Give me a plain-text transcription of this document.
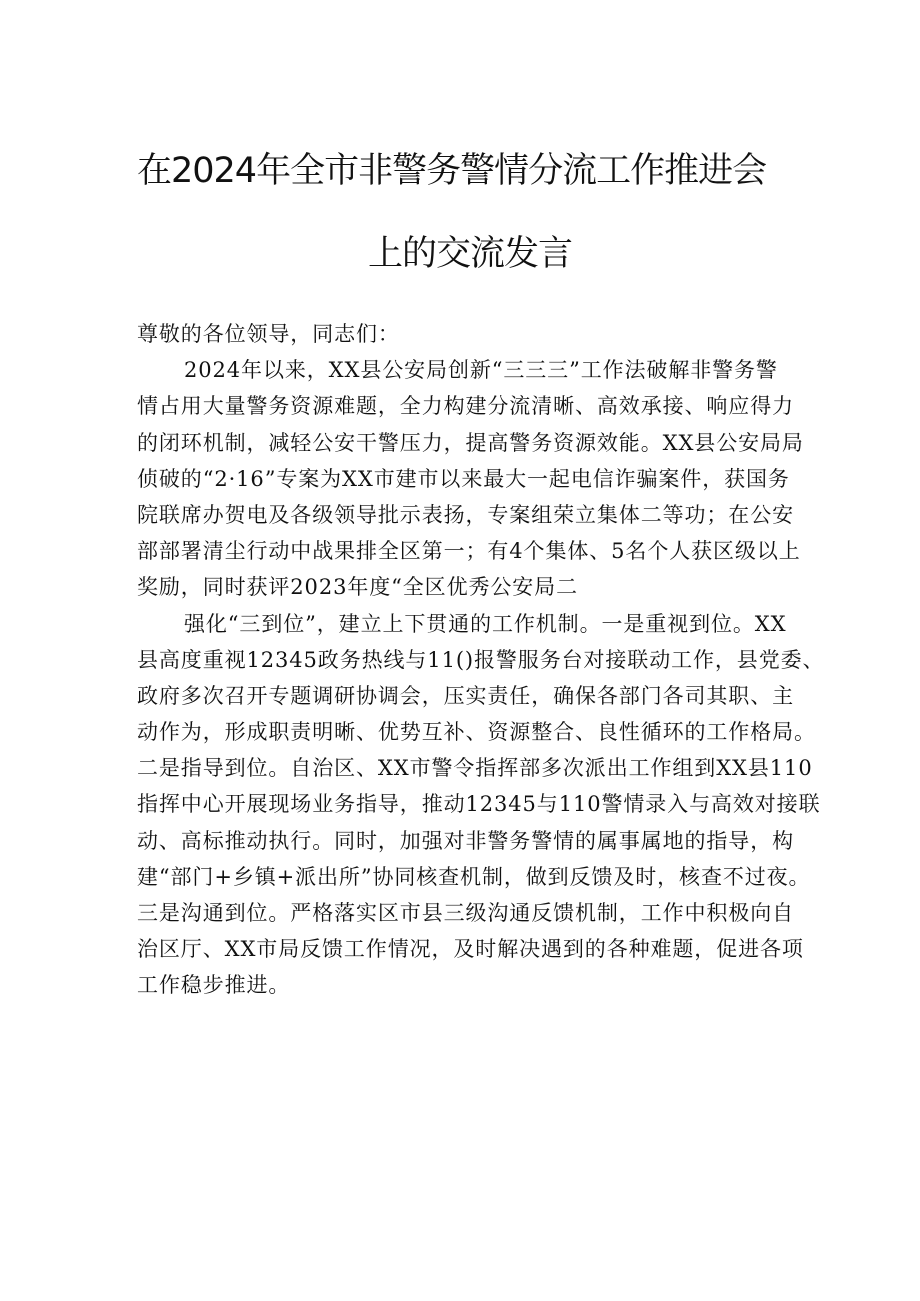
在2024年全市非警务警情分流工作推进会
上的交流发言
尊敬的各位领导，同志们：
2024年以来，XX县公安局创新“三三三”工作法破解非警务警
情占用大量警务资源难题，全力构建分流清晰、高效承接、响应得力
的闭环机制，减轻公安干警压力，提高警务资源效能。XX县公安局局
侦破的“2·16”专案为XX市建市以来最大一起电信诈骗案件，获国务
院联席办贺电及各级领导批示表扬，专案组荣立集体二等功；在公安
部部署清尘行动中战果排全区第一；有4个集体、5名个人获区级以上
奖励，同时获评2023年度“全区优秀公安局二
强化“三到位”，建立上下贯通的工作机制。一是重视到位。XX
县高度重视12345政务热线与11()报警服务台对接联动工作，县党委、
政府多次召开专题调研协调会，压实责任，确保各部门各司其职、主
动作为，形成职责明晰、优势互补、资源整合、良性循环的工作格局。
二是指导到位。自治区、XX市警令指挥部多次派出工作组到XX县110
指挥中心开展现场业务指导，推动12345与110警情录入与高效对接联
动、高标推动执行。同时，加强对非警务警情的属事属地的指导，构
建“部门+乡镇+派出所”协同核查机制，做到反馈及时，核查不过夜。
三是沟通到位。严格落实区市县三级沟通反馈机制，工作中积极向自
治区厅、XX市局反馈工作情况，及时解决遇到的各种难题，促进各项
工作稳步推进。
